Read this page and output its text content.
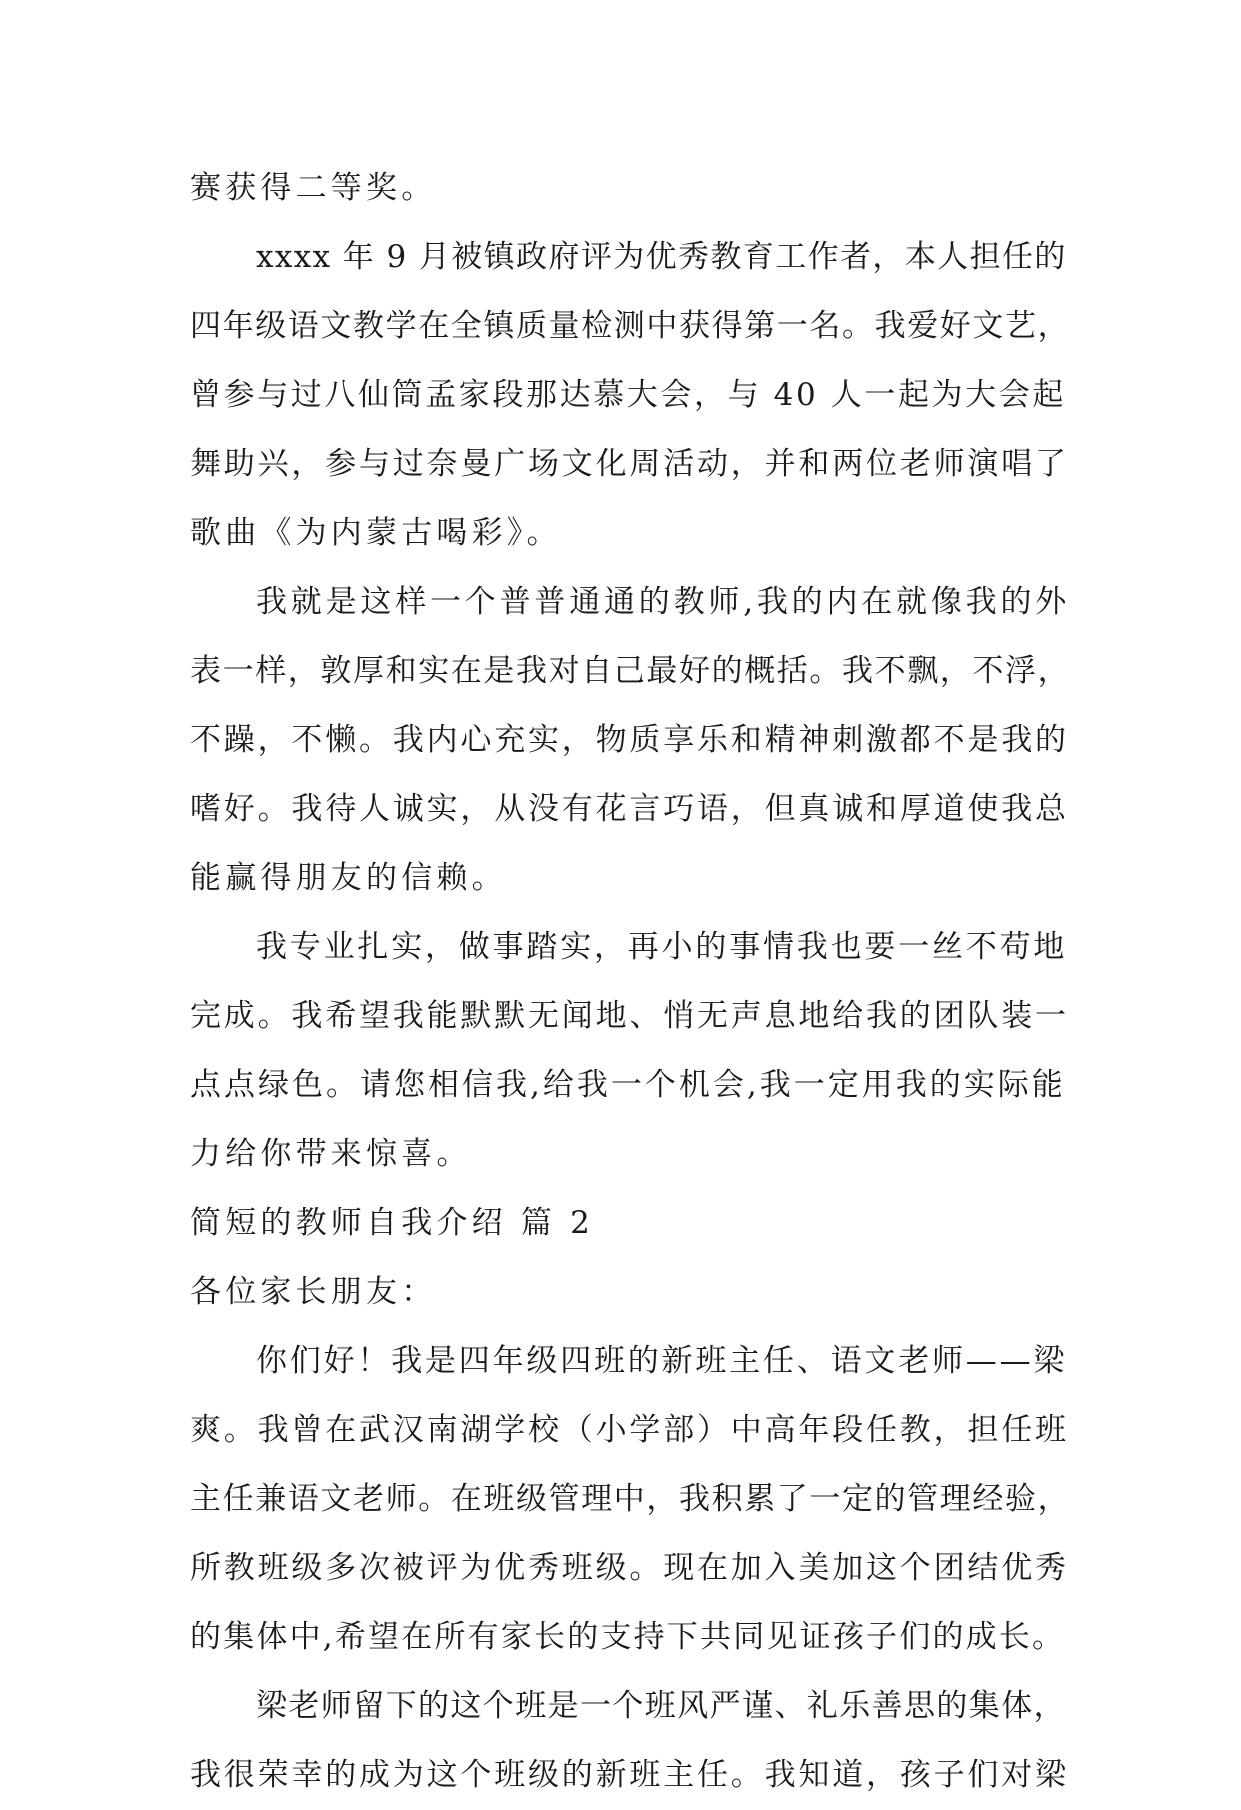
赛获得二等奖。
xxxx 年 9 月被镇政府评为优秀教育工作者，本人担任的
四年级语文教学在全镇质量检测中获得第一名。我爱好文艺，
曾参与过八仙筒孟家段那达慕大会，与 40 人一起为大会起
舞助兴，参与过奈曼广场文化周活动，并和两位老师演唱了
歌曲《为内蒙古喝彩》。
我就是这样一个普普通通的教师,我的内在就像我的外
表一样，敦厚和实在是我对自己最好的概括。我不飘，不浮，
不躁，不懒。我内心充实，物质享乐和精神刺激都不是我的
嗜好。我待人诚实，从没有花言巧语，但真诚和厚道使我总
能赢得朋友的信赖。
我专业扎实，做事踏实，再小的事情我也要一丝不苟地
完成。我希望我能默默无闻地、悄无声息地给我的团队装一
点点绿色。请您相信我,给我一个机会,我一定用我的实际能
力给你带来惊喜。
简短的教师自我介绍 篇 2
各位家长朋友：
你们好！我是四年级四班的新班主任、语文老师——梁
爽。我曾在武汉南湖学校（小学部）中高年段任教，担任班
主任兼语文老师。在班级管理中，我积累了一定的管理经验，
所教班级多次被评为优秀班级。现在加入美加这个团结优秀
的集体中,希望在所有家长的支持下共同见证孩子们的成长。
梁老师留下的这个班是一个班风严谨、礼乐善思的集体，
我很荣幸的成为这个班级的新班主任。我知道，孩子们对梁
